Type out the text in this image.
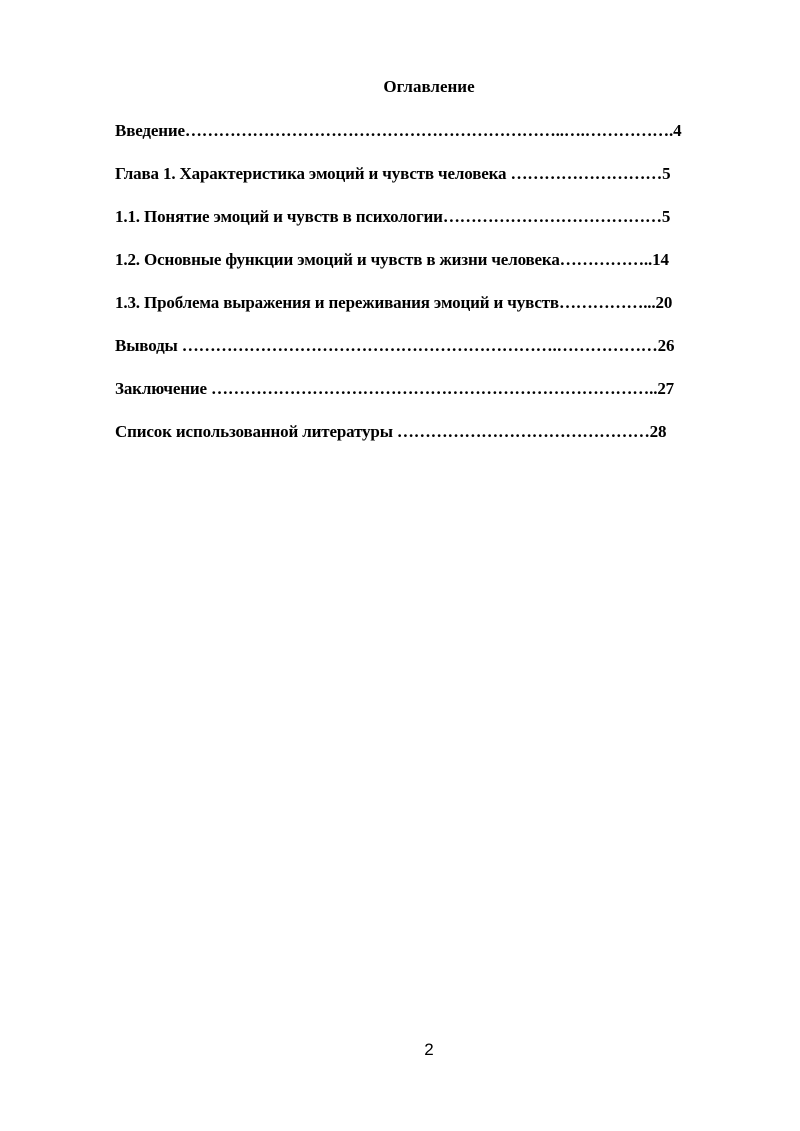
Оглавление
Введение…………………………………………………………..….…………….4
Глава 1. Характеристика эмоций и чувств человека ………………………5
1.1. Понятие эмоций и чувств в психологии…………………………………5
1.2. Основные функции эмоций и чувств в жизни человека……………..14
1.3. Проблема выражения и переживания эмоций и чувств……………...20
Выводы ………………………………………………………….………………26
Заключение ……………………………………………………………………..27
Список использованной литературы ………………………………………28
2
